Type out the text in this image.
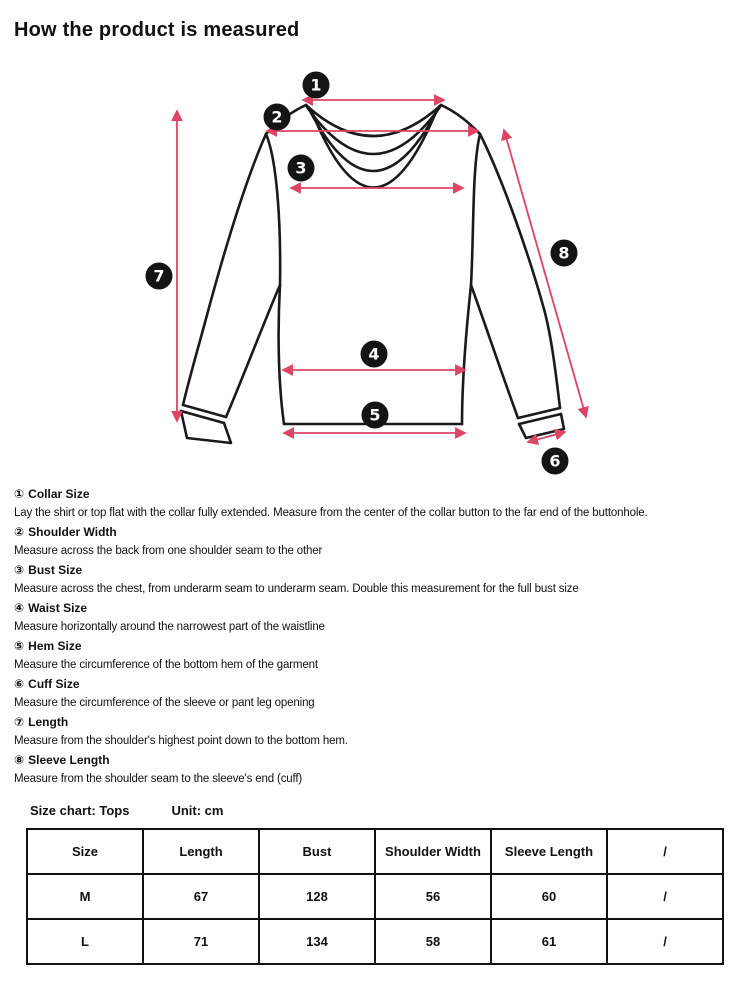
How the product is measured
1
2
3
4
5
6
7
8
① Collar Size

Lay the shirt or top flat with the collar fully extended. Measure from the center of the collar button to the far end of the buttonhole.

② Shoulder Width

Measure across the back from one shoulder seam to the other

③ Bust Size

Measure across the chest, from underarm seam to underarm seam. Double this measurement for the full bust size

④ Waist Size

Measure horizontally around the narrowest part of the waistline

⑤ Hem Size

Measure the circumference of the bottom hem of the garment

⑥ Cuff Size

Measure the circumference of the sleeve or pant leg opening

⑦ Length

Measure from the shoulder's highest point down to the bottom hem.

⑧ Sleeve Length

Measure from the shoulder seam to the sleeve's end (cuff)

Size chart: Tops	Unit: cm
Size	Length	Bust	Shoulder Width	Sleeve Length	/
M	67	128	56	60	/
L	71	134	58	61	/
